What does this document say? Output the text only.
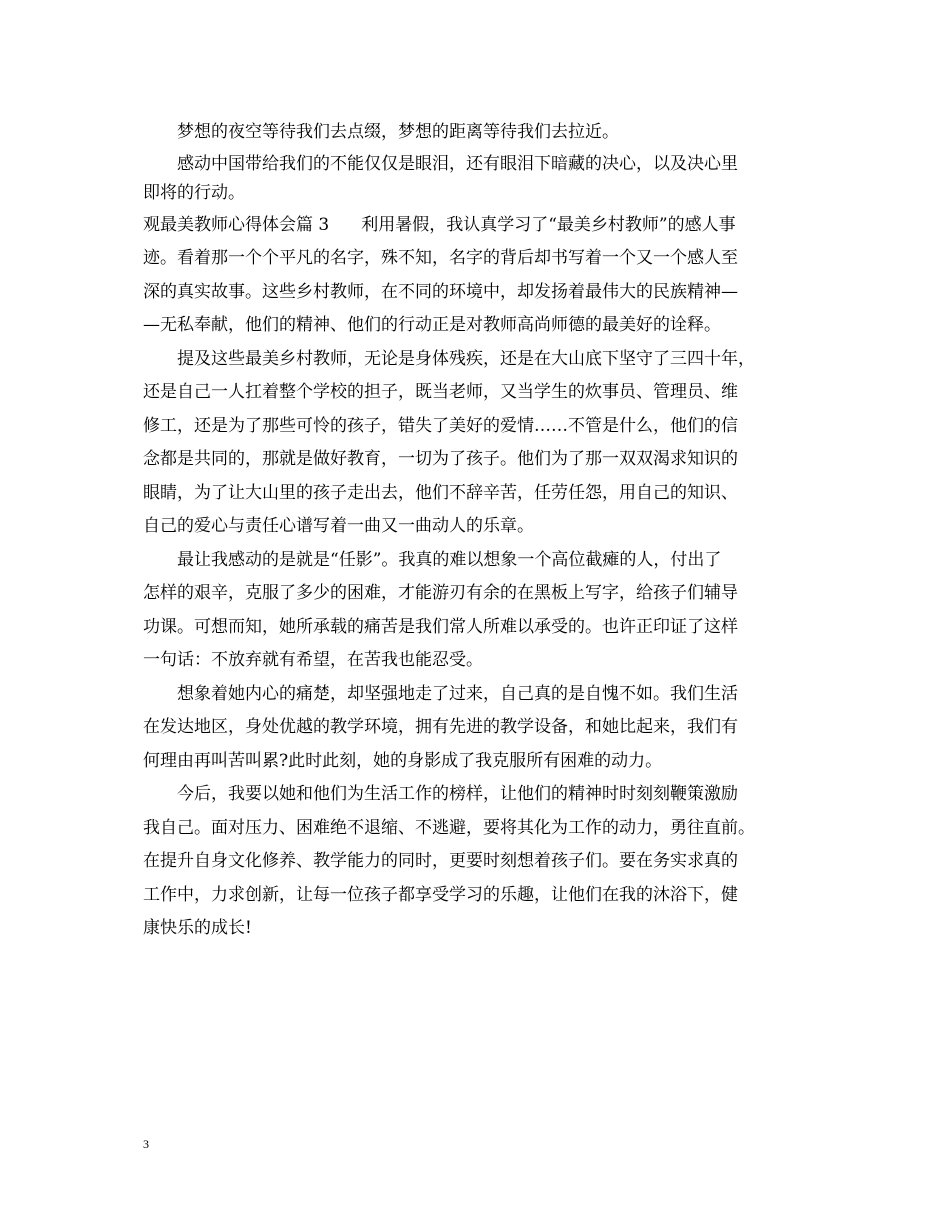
　　梦想的夜空等待我们去点缀，梦想的距离等待我们去拉近。
　　感动中国带给我们的不能仅仅是眼泪，还有眼泪下暗藏的决心，以及决心里
即将的行动。
观最美教师心得体会篇 3 利用暑假，我认真学习了“最美乡村教师”的感人事
迹。看着那一个个平凡的名字，殊不知，名字的背后却书写着一个又一个感人至
深的真实故事。这些乡村教师，在不同的环境中，却发扬着最伟大的民族精神—
—无私奉献，他们的精神、他们的行动正是对教师高尚师德的最美好的诠释。
　　提及这些最美乡村教师，无论是身体残疾，还是在大山底下坚守了三四十年，
还是自己一人扛着整个学校的担子，既当老师，又当学生的炊事员、管理员、维
修工，还是为了那些可怜的孩子，错失了美好的爱情……不管是什么，他们的信
念都是共同的，那就是做好教育，一切为了孩子。他们为了那一双双渴求知识的
眼睛，为了让大山里的孩子走出去，他们不辞辛苦，任劳任怨，用自己的知识、
自己的爱心与责任心谱写着一曲又一曲动人的乐章。
　　最让我感动的是就是“任影”。我真的难以想象一个高位截瘫的人，付出了
怎样的艰辛，克服了多少的困难，才能游刃有余的在黑板上写字，给孩子们辅导
功课。可想而知，她所承载的痛苦是我们常人所难以承受的。也许正印证了这样
一句话：不放弃就有希望，在苦我也能忍受。
　　想象着她内心的痛楚，却坚强地走了过来，自己真的是自愧不如。我们生活
在发达地区，身处优越的教学环境，拥有先进的教学设备，和她比起来，我们有
何理由再叫苦叫累?此时此刻，她的身影成了我克服所有困难的动力。
　　今后，我要以她和他们为生活工作的榜样，让他们的精神时时刻刻鞭策激励
我自己。面对压力、困难绝不退缩、不逃避，要将其化为工作的动力，勇往直前。
在提升自身文化修养、教学能力的同时，更要时刻想着孩子们。要在务实求真的
工作中，力求创新，让每一位孩子都享受学习的乐趣，让他们在我的沐浴下，健
康快乐的成长!
3
